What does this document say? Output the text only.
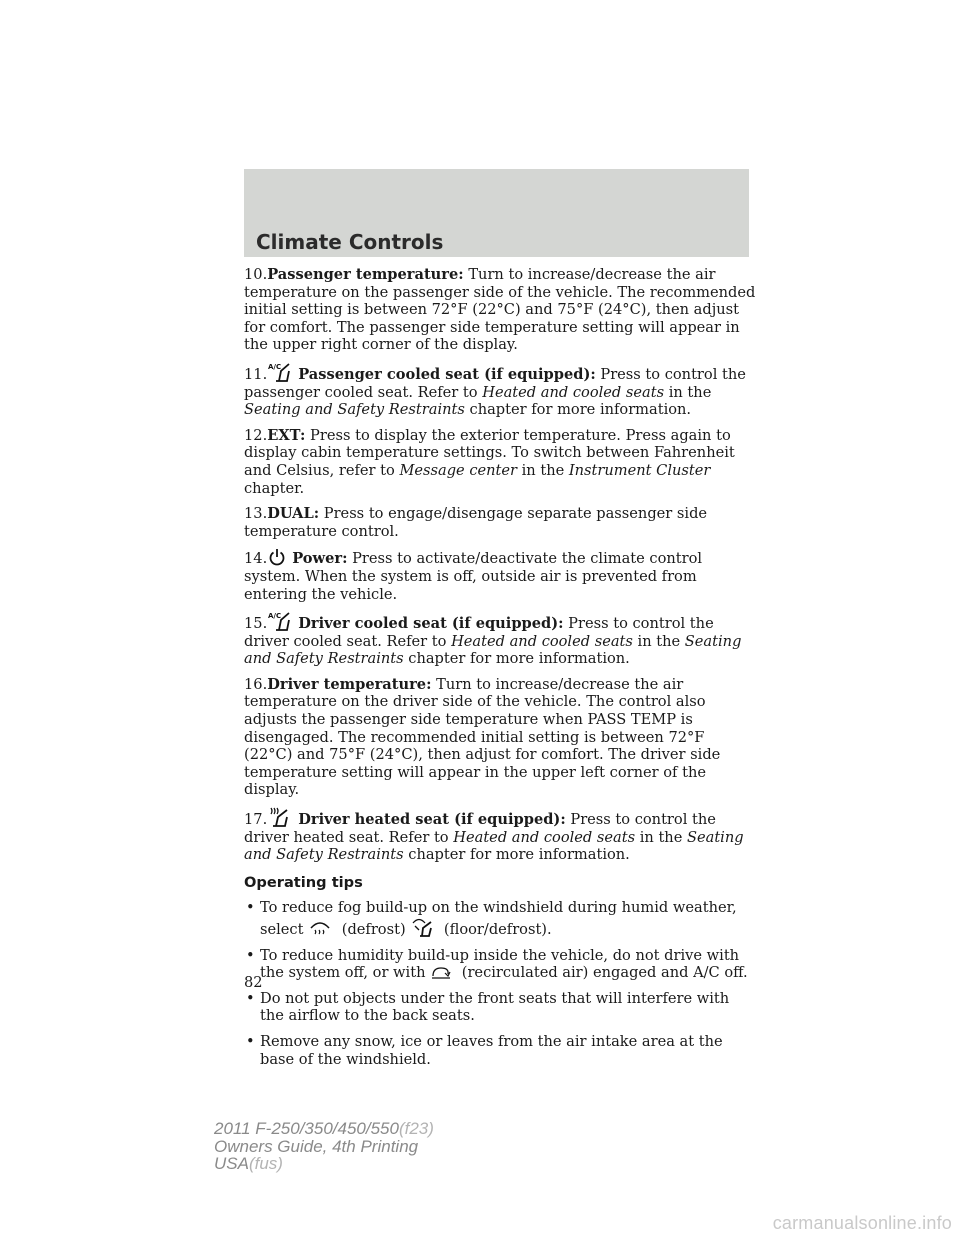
Climate Controls

10.Passenger temperature: Turn to increase/decrease the air temperature on the passenger side of the vehicle. The recommended initial setting is between 72°F (22°C) and 75°F (24°C), then adjust for comfort. The passenger side temperature setting will appear in the upper right corner of the display.

11. A/C Passenger cooled seat (if equipped): Press to control the passenger cooled seat. Refer to Heated and cooled seats in the Seating and Safety Restraints chapter for more information.

12.EXT: Press to display the exterior temperature. Press again to display cabin temperature settings. To switch between Fahrenheit and Celsius, refer to Message center in the Instrument Cluster chapter.

13.DUAL: Press to engage/disengage separate passenger side temperature control.

14. Power: Press to activate/deactivate the climate control system. When the system is off, outside air is prevented from entering the vehicle.

15. A/C Driver cooled seat (if equipped): Press to control the driver cooled seat. Refer to Heated and cooled seats in the Seating and Safety Restraints chapter for more information.

16.Driver temperature: Turn to increase/decrease the air temperature on the driver side of the vehicle. The control also adjusts the passenger side temperature when PASS TEMP is disengaged. The recommended initial setting is between 72°F (22°C) and 75°F (24°C), then adjust for comfort. The driver side temperature setting will appear in the upper left corner of the display.

17. Driver heated seat (if equipped): Press to control the driver heated seat. Refer to Heated and cooled seats in the Seating and Safety Restraints chapter for more information.

Operating tips
• To reduce fog build-up on the windshield during humid weather, select	(defrost)	(floor/defrost).
• To reduce humidity build-up inside the vehicle, do not drive with the system off, or with (recirculated air) engaged and A/C off.
• Do not put objects under the front seats that will interfere with the airflow to the back seats.
• Remove any snow, ice or leaves from the air intake area at the base of the windshield.
82
2011 F-250/350/450/550(f23)
Owners Guide, 4th Printing
USA(fus)
carmanualsonline.info
